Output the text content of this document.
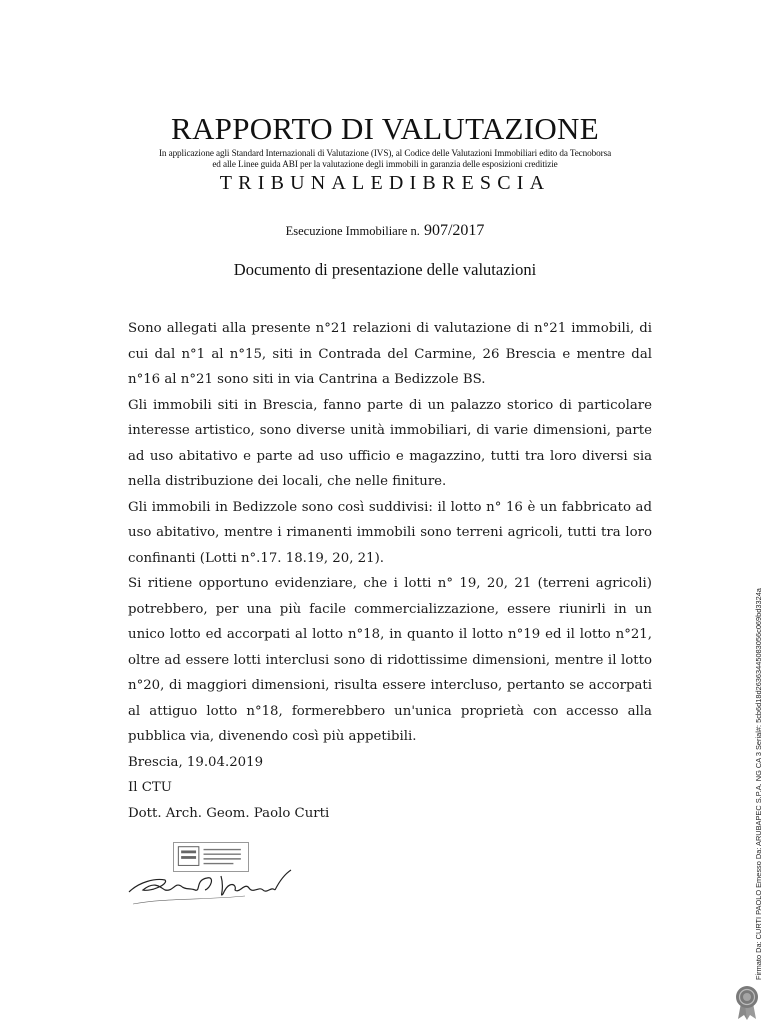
RAPPORTO DI VALUTAZIONE
In applicazione agli Standard Internazionali di Valutazione (IVS), al Codice delle Valutazioni Immobiliari edito da Tecnoborsa
ed alle Linee guida ABI per la valutazione degli immobili in garanzia delle esposizioni creditizie
TRIBUNALEDIBRESCIA
Esecuzione Immobiliare n. 907/2017
Documento di presentazione delle valutazioni

Sono allegati alla presente n°21 relazioni di valutazione di n°21 immobili, di cui dal n°1 al n°15, siti in Contrada del Carmine, 26 Brescia e mentre dal n°16 al n°21 sono siti in via Cantrina a Bedizzole BS.

Gli immobili siti in Brescia, fanno parte di un palazzo storico di particolare interesse artistico, sono diverse unità immobiliari, di varie dimensioni, parte ad uso abitativo e parte ad uso ufficio e magazzino, tutti tra loro diversi sia nella distribuzione dei locali, che nelle finiture.

Gli immobili in Bedizzole sono così suddivisi: il lotto n° 16 è un fabbricato ad uso abitativo, mentre i rimanenti immobili sono terreni agricoli, tutti tra loro confinanti (Lotti n°.17. 18.19, 20, 21).

Si ritiene opportuno evidenziare, che i lotti n° 19, 20, 21 (terreni agricoli) potrebbero, per una più facile commercializzazione, essere riunirli in un unico lotto ed accorpati al lotto n°18, in quanto il lotto n°19 ed il lotto n°21, oltre ad essere lotti interclusi sono di ridottissime dimensioni, mentre il lotto n°20, di maggiori dimensioni, risulta essere intercluso, pertanto se accorpati al attiguo lotto n°18, formerebbero un'unica proprietà con accesso alla pubblica via, divenendo così più appetibili.

Brescia, 19.04.2019

Il CTU

Dott. Arch. Geom. Paolo Curti	Firmato Da: CURTI PAOLO Emesso Da: ARUBAPEC S.P.A. NG CA 3 Serial#: 5cb6d18d26363445083056c069bd3324a
